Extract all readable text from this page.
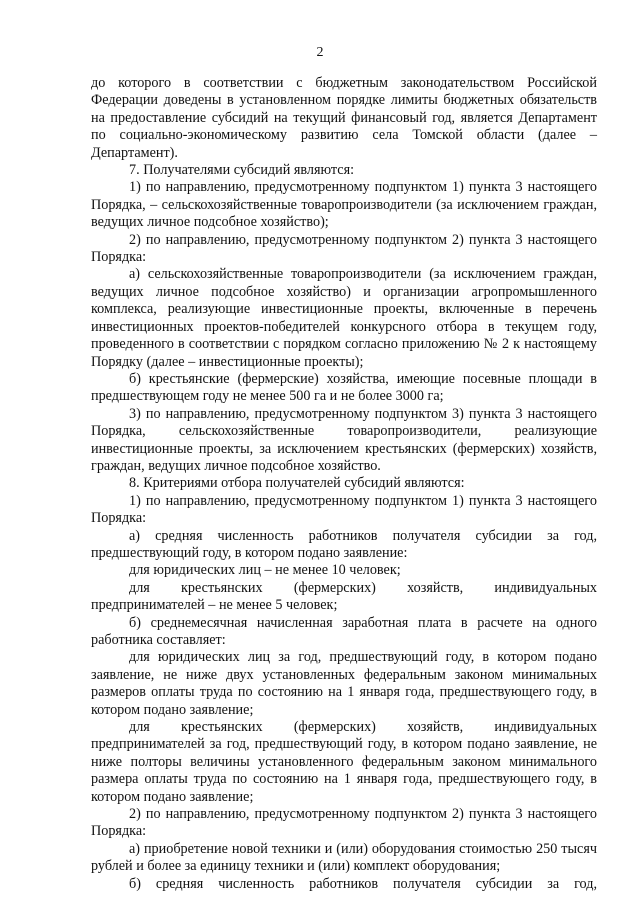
2

до которого в соответствии с бюджетным законодательством Российской Федерации доведены в установленном порядке лимиты бюджетных обязательств на предоставление субсидий на текущий финансовый год, является Департамент по социально-экономическому развитию села Томской области (далее – Департамент).

7. Получателями субсидий являются:

1) по направлению, предусмотренному подпунктом 1) пункта 3 настоящего Порядка, – сельскохозяйственные товаропроизводители (за исключением граждан, ведущих личное подсобное хозяйство);

2) по направлению, предусмотренному подпунктом 2) пункта 3 настоящего Порядка:

а) сельскохозяйственные товаропроизводители (за исключением граждан, ведущих личное подсобное хозяйство) и организации агропромышленного комплекса, реализующие инвестиционные проекты, включенные в перечень инвестиционных проектов-победителей конкурсного отбора в текущем году, проведенного в соответствии с порядком согласно приложению № 2 к настоящему Порядку (далее – инвестиционные проекты);

б) крестьянские (фермерские) хозяйства, имеющие посевные площади в предшествующем году не менее 500 га и не более 3000 га;

3) по направлению, предусмотренному подпунктом 3) пункта 3 настоящего Порядка, сельскохозяйственные товаропроизводители, реализующие инвестиционные проекты, за исключением крестьянских (фермерских) хозяйств, граждан, ведущих личное подсобное хозяйство.

8. Критериями отбора получателей субсидий являются:

1) по направлению, предусмотренному подпунктом 1) пункта 3 настоящего Порядка:

а) средняя численность работников получателя субсидии за год, предшествующий году, в котором подано заявление:

для юридических лиц – не менее 10 человек;

для крестьянских (фермерских) хозяйств, индивидуальных предпринимателей – не менее 5 человек;

б) среднемесячная начисленная заработная плата в расчете на одного работника составляет:

для юридических лиц за год, предшествующий году, в котором подано заявление, не ниже двух установленных федеральным законом минимальных размеров оплаты труда по состоянию на 1 января года, предшествующего году, в котором подано заявление;

для крестьянских (фермерских) хозяйств, индивидуальных предпринимателей за год, предшествующий году, в котором подано заявление, не ниже полторы величины установленного федеральным законом минимального размера оплаты труда по состоянию на 1 января года, предшествующего году, в котором подано заявление;

2) по направлению, предусмотренному подпунктом 2) пункта 3 настоящего Порядка:

а) приобретение новой техники и (или) оборудования стоимостью 250 тысяч рублей и более за единицу техники и (или) комплект оборудования;

б) средняя численность работников получателя субсидии за год,
